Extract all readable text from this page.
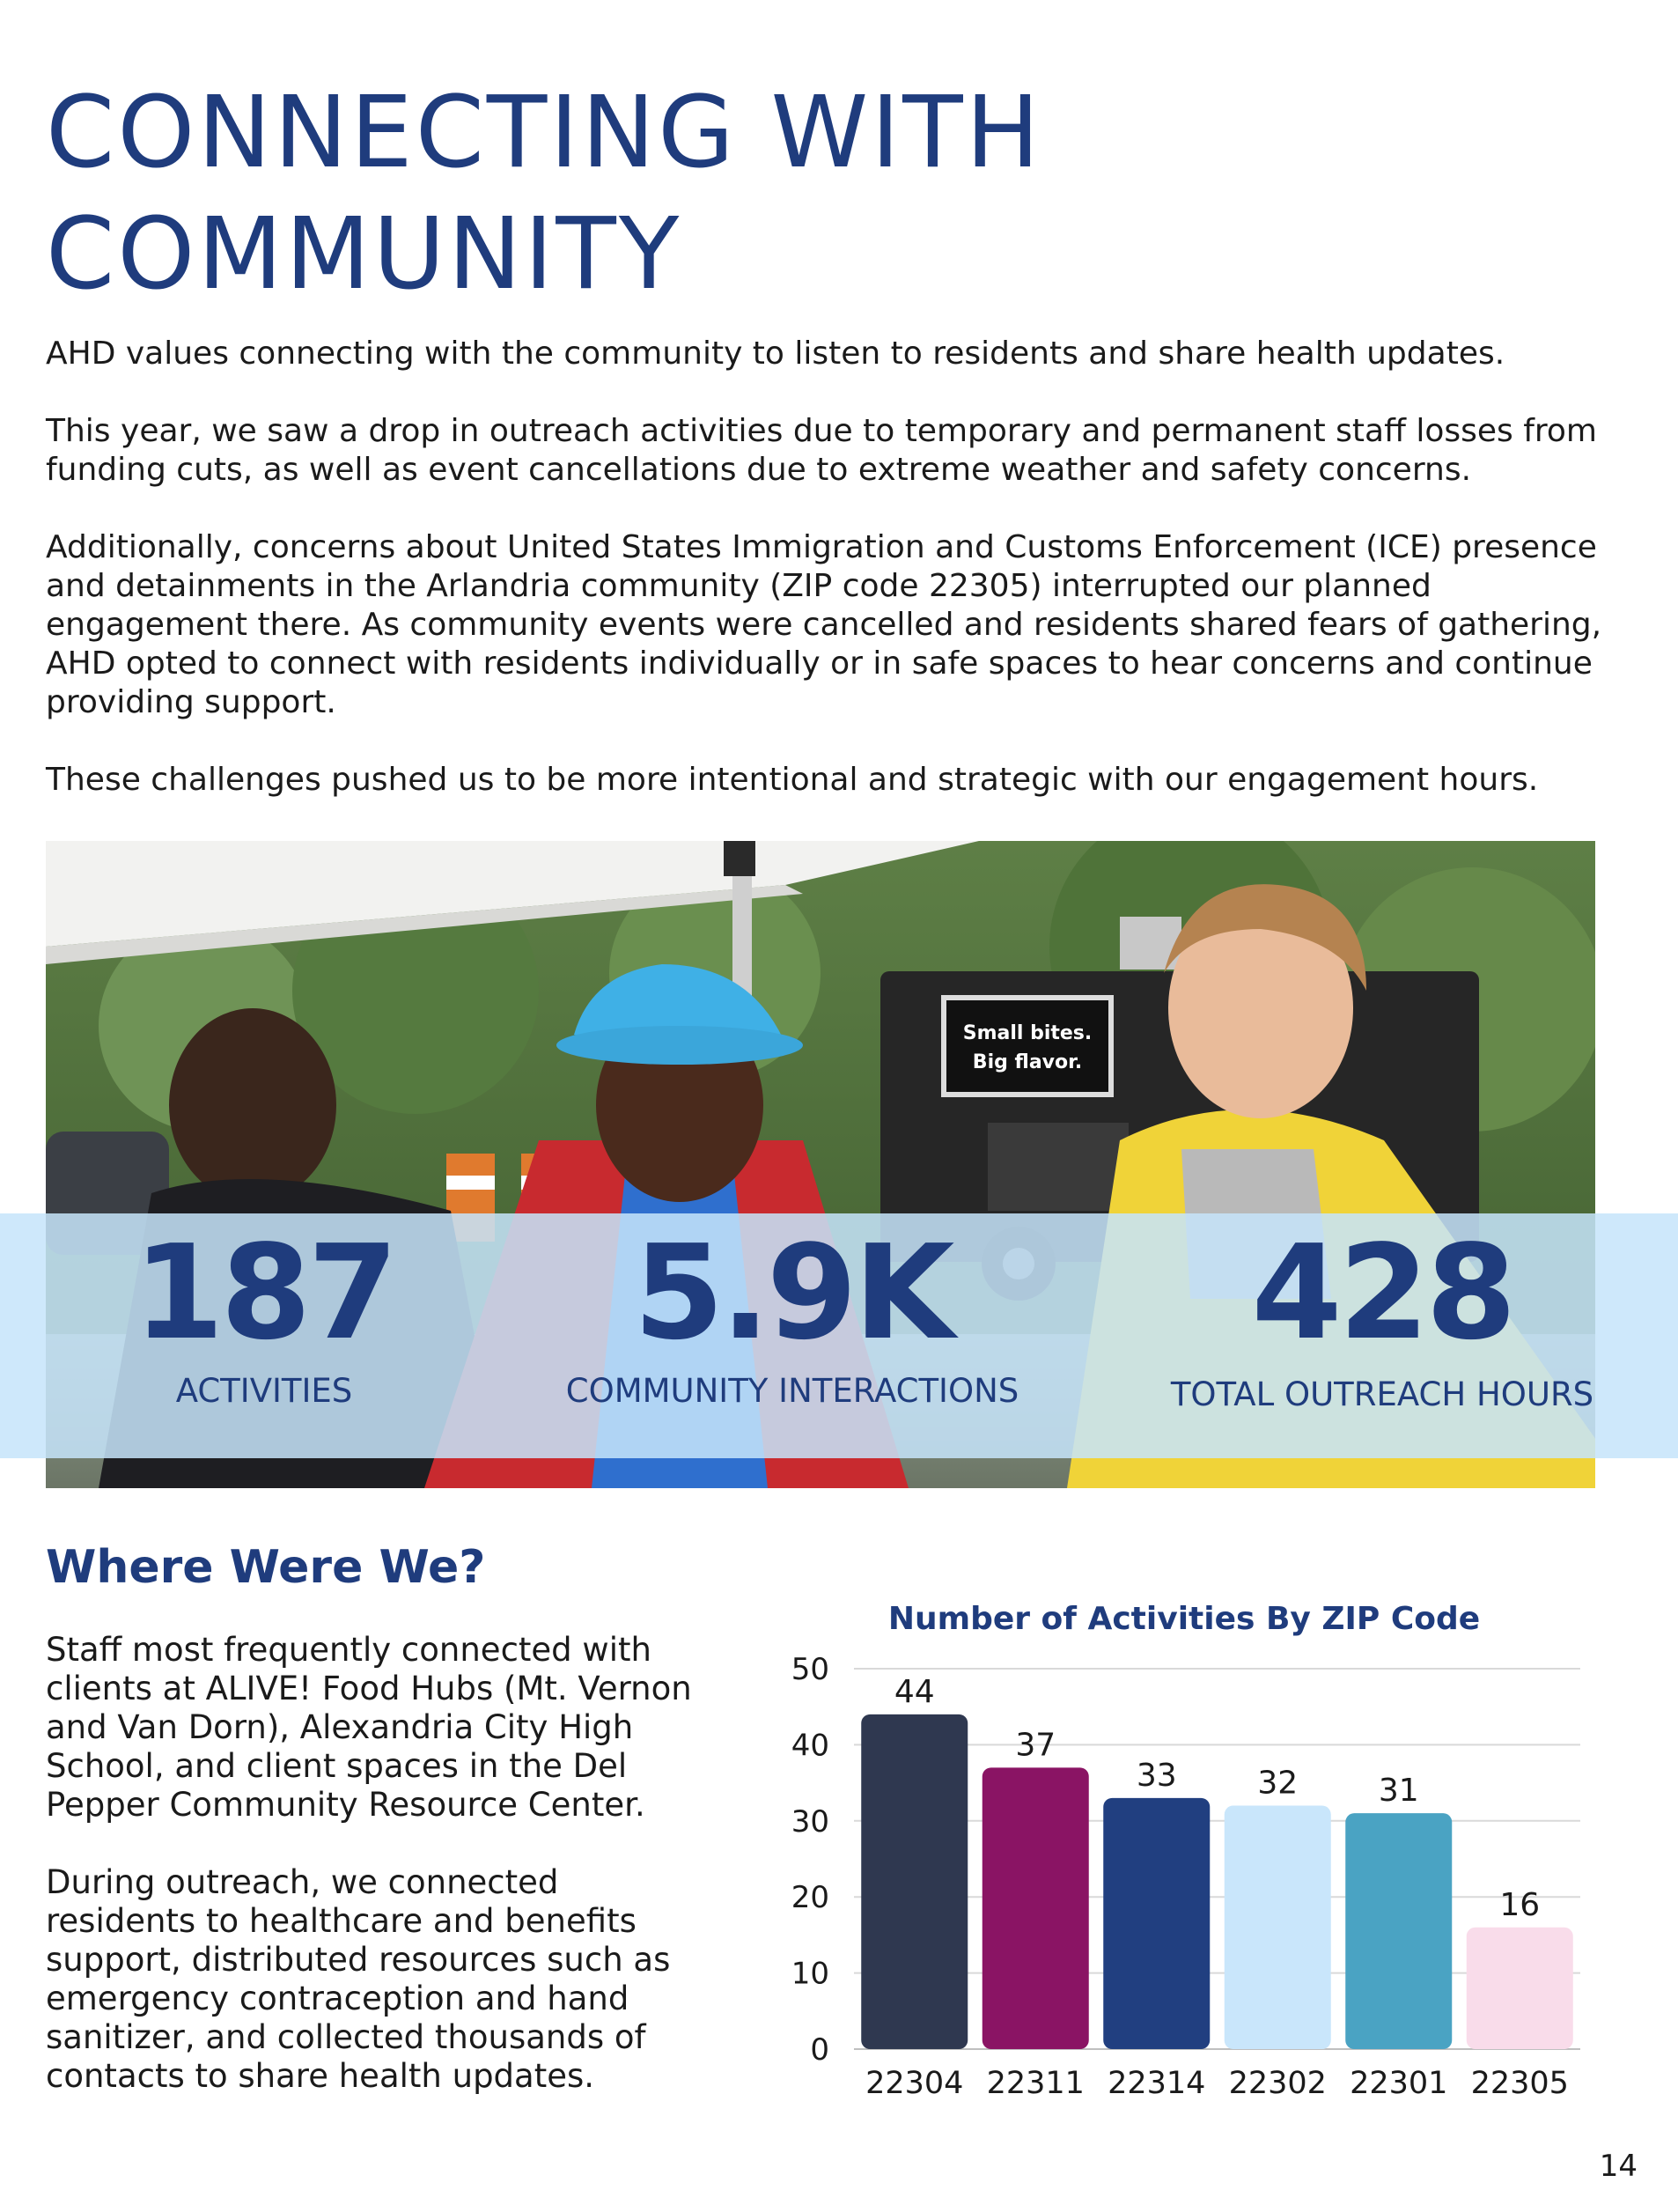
CONNECTING WITH
COMMUNITY

AHD values connecting with the community to listen to residents and share health updates.

This year, we saw a drop in outreach activities due to temporary and permanent staff losses from funding cuts, as well as event cancellations due to extreme weather and safety concerns.

Additionally, concerns about United States Immigration and Customs Enforcement (ICE) presence and detainments in the Arlandria community (ZIP code 22305) interrupted our planned engagement there. As community events were cancelled and residents shared fears of gathering, AHD opted to connect with residents individually or in safe spaces to hear concerns and continue providing support.

These challenges pushed us to be more intentional and strategic with our engagement hours.

Small bites.
Big flavor.
187
ACTIVITIES
5.9K
COMMUNITY INTERACTIONS
428
TOTAL OUTREACH HOURS
Where Were We?

Staff most frequently connected with clients at ALIVE! Food Hubs (Mt. Vernon and Van Dorn), Alexandria City High School, and client spaces in the Del Pepper Community Resource Center.

During outreach, we connected residents to healthcare and benefits support, distributed resources such as emergency contraception and hand sanitizer, and collected thousands of contacts to share health updates.

Number of Activities By ZIP Code
0
10
20
30
40
50
44
37
33	32	31
16
22304 22311 22314 22302 22301 22305
14
